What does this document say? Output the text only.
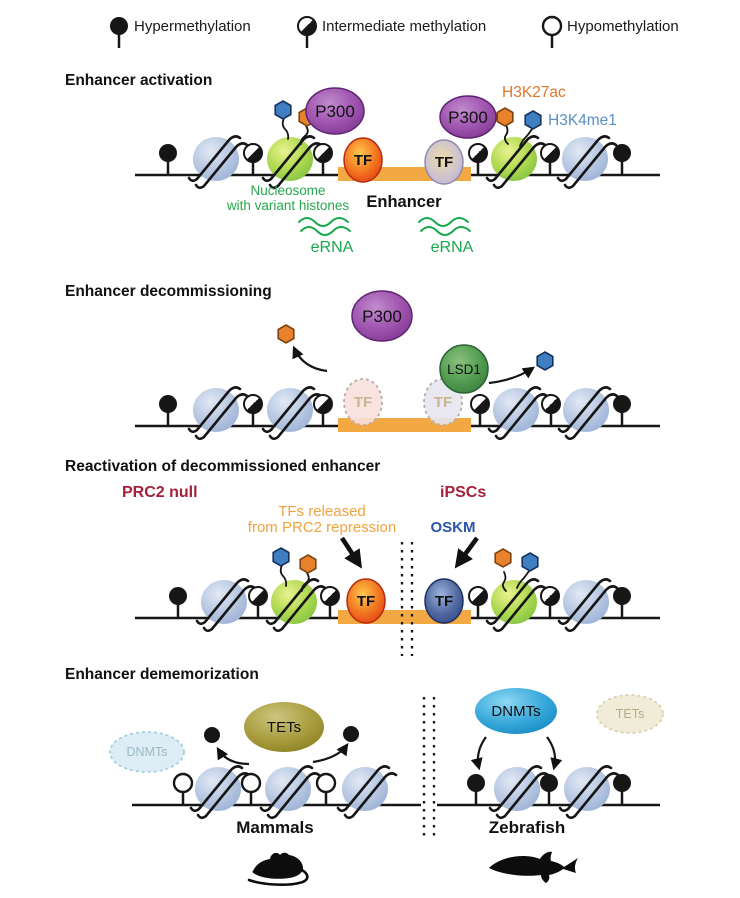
Hypermethylation	Intermediate methylation	Hypomethylation
Enhancer activation
TF
P300
TF
P300
H3K27ac
H3K4me1
Nucleosome
with variant histones Enhancer
eRNA	eRNA
Enhancer decommissioning
P300
TF	TF
LSD1
Reactivation of decommissioned enhancer
PRC2 null	iPSCs
TFs released
from PRC2 repression OSKM
TF	TF
Enhancer dememorization
DNMTs
TETs
DNMTs	TETs
Mammals	Zebrafish
